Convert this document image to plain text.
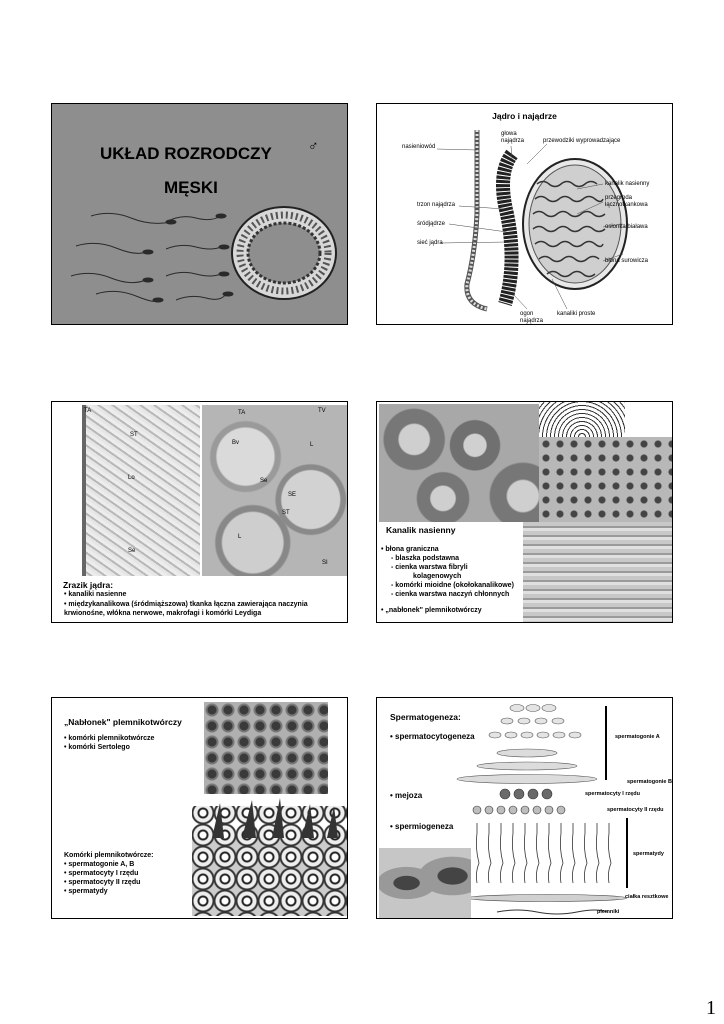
UKŁAD ROZRODCZY
MĘSKI
♂
Jądro i najądrze
głowa najądrza	przewodziki wyprowadzające
nasieniowód
kanalik nasienny
przegroda łącznotkankowa
trzon najądrza
śródjądrze	osłonka biaława
sieć jądra
błona surowicza
ogon najądrza
kanaliki proste
TA
ST
Lo
Se
TA	TV
Bv	L
Se
SE
ST
L
SI
Zrazik jądra:
• kanaliki nasienne
• międzykanalikowa (śródmiąższowa) tkanka łączna zawierająca naczynia krwionośne, włókna nerwowe, makrofagi i komórki Leydiga
Kanalik nasienny
• błona graniczna
- blaszka podstawna
- cienka warstwa fibryli
kolagenowych
- komórki mioidne (okołokanalikowe)
- cienka warstwa naczyń chłonnych
• „nabłonek" plemnikotwórczy
„Nabłonek" plemnikotwórczy
• komórki plemnikotwórcze
• komórki Sertolego
Komórki plemnikotwórcze:
• spermatogonie A, B
• spermatocyty I rzędu
• spermatocyty II rzędu
• spermatydy
Spermatogeneza:
• spermatocytogeneza
• mejoza
• spermiogeneza
spermatogonie A
spermatogonie B
spermatocyty I rzędu
spermatocyty II rzędu
spermatydy
ciałka resztkowe
plemniki
1
